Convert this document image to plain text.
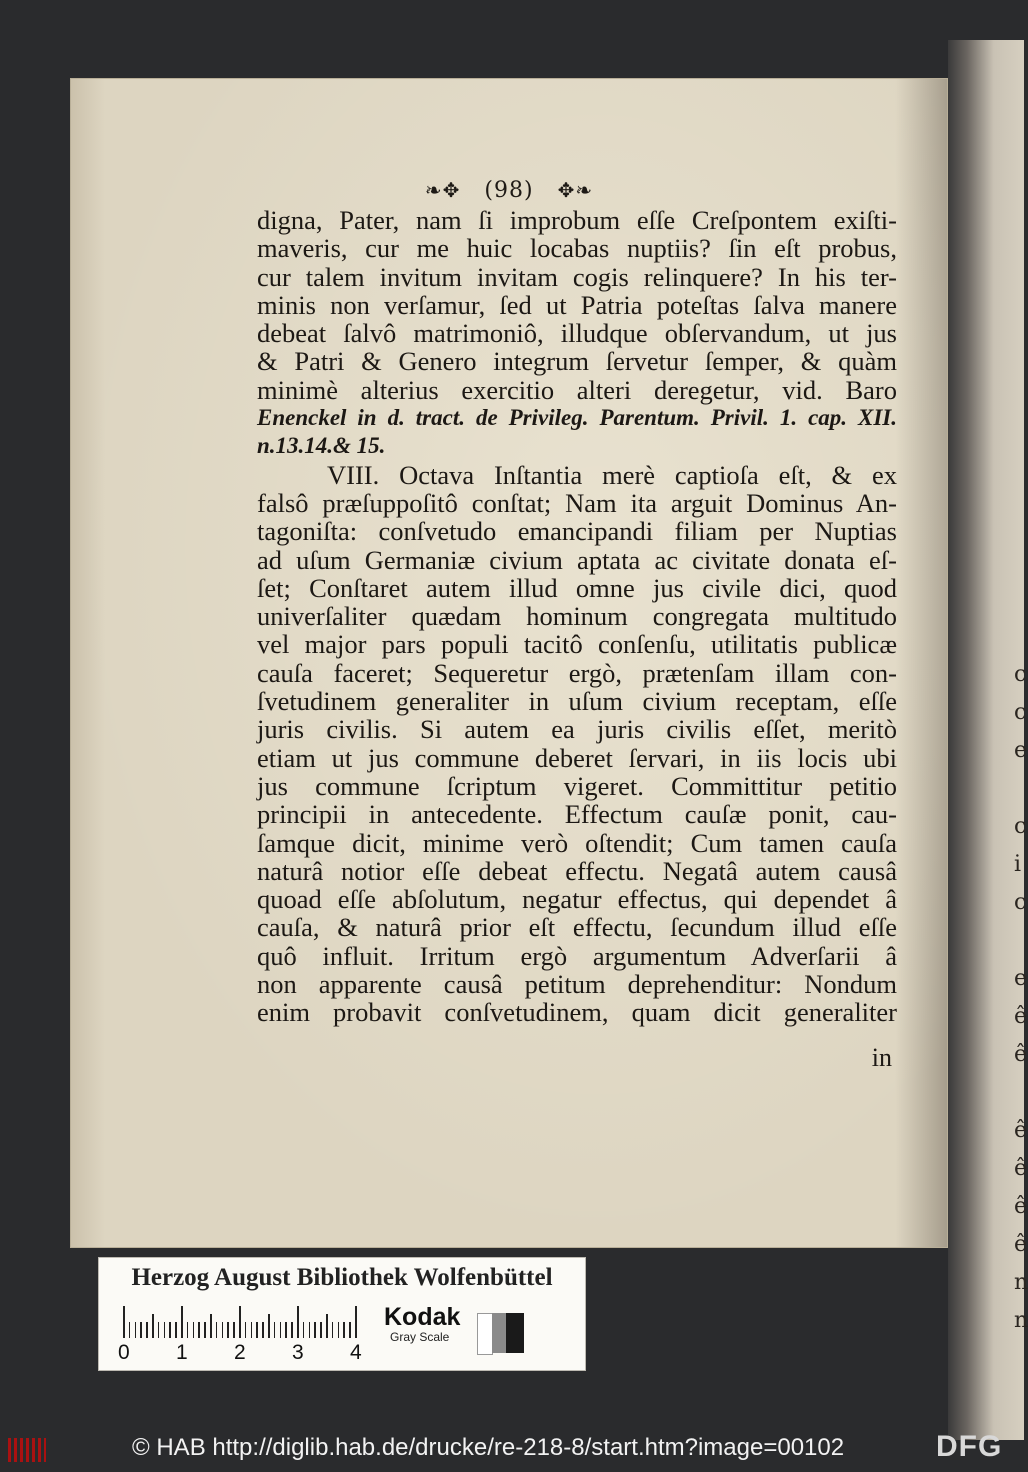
c
c
e

c
i
c

e
ê
ê

ê
ê
ê
ê
n
n
❧✥ (98) ✥❧
digna, Pater, nam ſi improbum eſſe Creſpontem exiſti-
maveris, cur me huic locabas nuptiis? ſin eſt probus,
cur talem invitum invitam cogis relinquere? In his ter-
minis non verſamur, ſed ut Patria poteſtas ſalva manere
debeat ſalvô matrimoniô, illudque obſervandum, ut jus
& Patri & Genero integrum ſervetur ſemper, & quàm
minimè alterius exercitio alteri deregetur, vid. Baro
Enenckel in d. tract. de Privileg. Parentum. Privil. 1. cap. XII.
n.13.14.& 15.
VIII. Octava Inſtantia merè captioſa eſt, & ex
falsô præſuppoſitô conſtat; Nam ita arguit Dominus An-
tagoniſta: conſvetudo emancipandi filiam per Nuptias
ad uſum Germaniæ civium aptata ac civitate donata eſ-
ſet; Conſtaret autem illud omne jus civile dici, quod
univerſaliter quædam hominum congregata multitudo
vel major pars populi tacitô conſenſu, utilitatis publicæ
cauſa faceret; Sequeretur ergò, prætenſam illam con-
ſvetudinem generaliter in uſum civium receptam, eſſe
juris civilis. Si autem ea juris civilis eſſet, meritò
etiam ut jus commune deberet ſervari, in iis locis ubi
jus commune ſcriptum vigeret. Committitur petitio
principii in antecedente. Effectum cauſæ ponit, cau-
ſamque dicit, minime verò oſtendit; Cum tamen cauſa
naturâ notior eſſe debeat effectu. Negatâ autem causâ
quoad eſſe abſolutum, negatur effectus, qui dependet â
cauſa, & naturâ prior eſt effectu, ſecundum illud eſſe
quô influit. Irritum ergò argumentum Adverſarii â
non apparente causâ petitum deprehenditur: Nondum
enim probavit conſvetudinem, quam dicit generaliter
in
Herzog August Bibliothek Wolfenbüttel
Kodak
Gray Scale
0 1 2 3 4
© HAB http://diglib.hab.de/drucke/re-218-8/start.htm?image=00102	DFG
